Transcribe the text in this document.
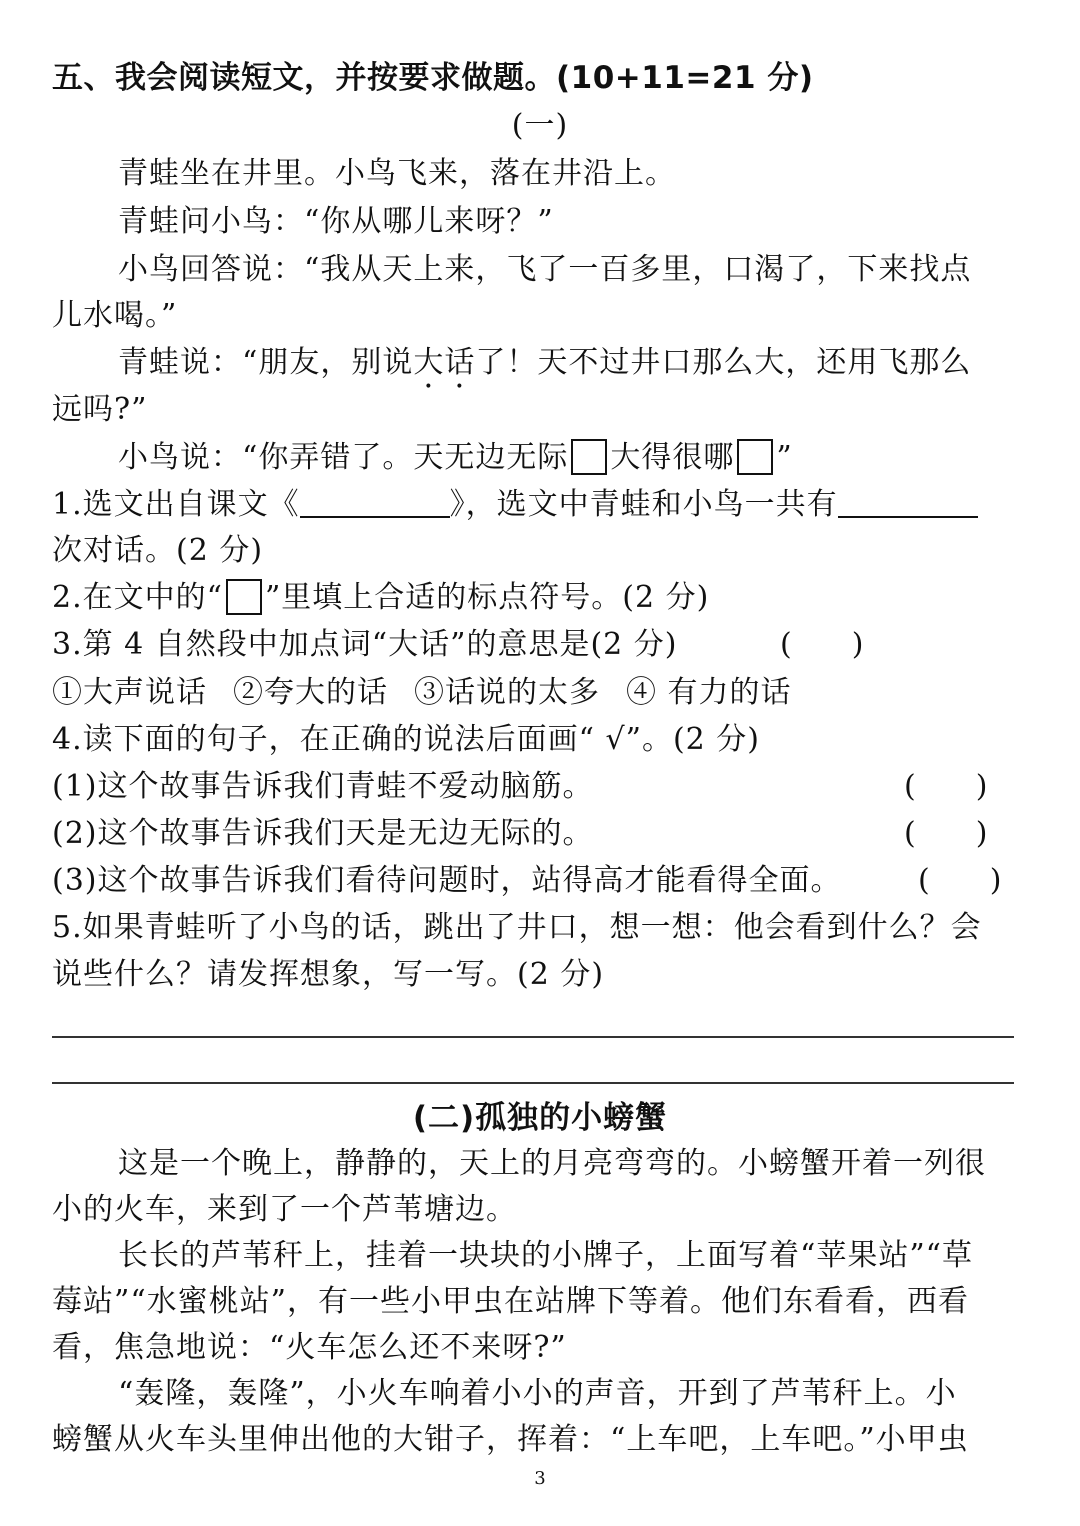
五、我会阅读短文，并按要求做题。(10+11=21 分)
(一)
青蛙坐在井里。小鸟飞来，落在井沿上。
青蛙问小鸟：“你从哪儿来呀？”
小鸟回答说：“我从天上来，飞了一百多里，口渴了，下来找点
儿水喝。”
青蛙说：“朋友，别说大话了！天不过井口那么大，还用飞那么
远吗?”
小鸟说：“你弄错了。天无边无际 大得很哪 ”
1.选文出自课文《	》，选文中青蛙和小鸟一共有
次对话。(2 分)
2.在文中的“ ”里填上合适的标点符号。(2 分)
3.第 4 自然段中加点词“大话”的意思是(2 分)	(　　)
①大声说话 ②夸大的话 ③话说的太多 ④ 有力的话
4.读下面的句子，在正确的说法后面画“ √”。(2 分)
(1)这个故事告诉我们青蛙不爱动脑筋。	(　　)
(2)这个故事告诉我们天是无边无际的。	(　　)
(3)这个故事告诉我们看待问题时，站得高才能看得全面。	(　　)
5.如果青蛙听了小鸟的话，跳出了井口，想一想：他会看到什么？会
说些什么？请发挥想象，写一写。(2 分)
(二)孤独的小螃蟹
这是一个晚上，静静的，天上的月亮弯弯的。小螃蟹开着一列很
小的火车，来到了一个芦苇塘边。
长长的芦苇秆上，挂着一块块的小牌子，上面写着“苹果站”“草
莓站”“水蜜桃站”，有一些小甲虫在站牌下等着。他们东看看，西看
看，焦急地说：“火车怎么还不来呀?”
“轰隆，轰隆”，小火车响着小小的声音，开到了芦苇秆上。小
螃蟹从火车头里伸出他的大钳子，挥着：“上车吧，上车吧。”小甲虫
3
